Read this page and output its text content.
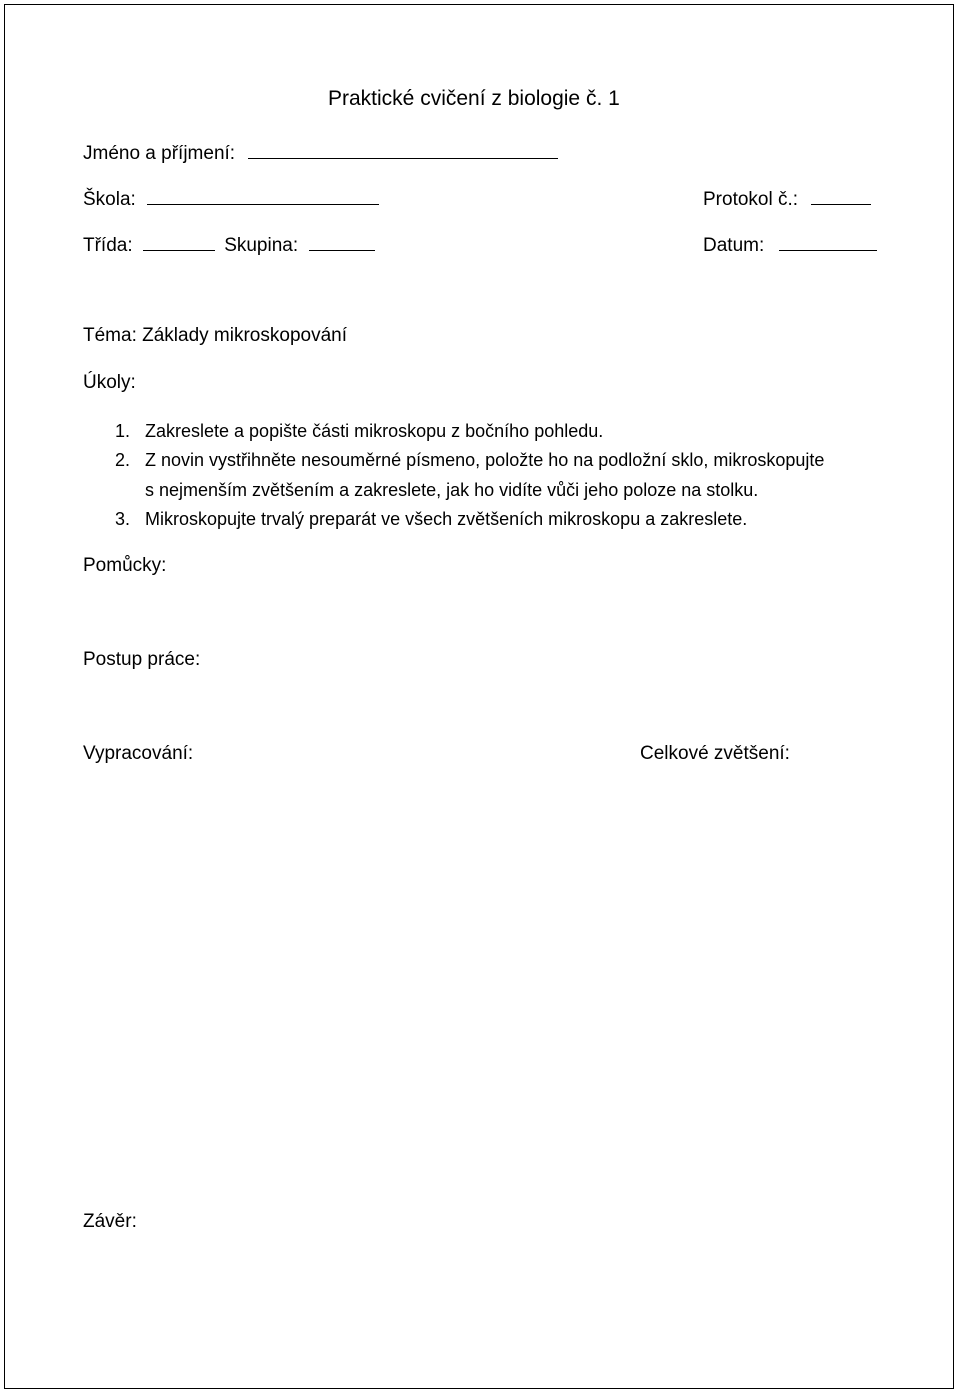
Praktické cvičení z biologie č. 1
Jméno a příjmení:
Škola:	Protokol č.:
Třída:	Skupina:	Datum:
Téma: Základy mikroskopování
Úkoly:
1. Zakreslete a popište části mikroskopu z bočního pohledu.
2. Z novin vystřihněte nesouměrné písmeno, položte ho na podložní sklo, mikroskopujte
s nejmenším zvětšením a zakreslete, jak ho vidíte vůči jeho poloze na stolku.
3. Mikroskopujte trvalý preparát ve všech zvětšeních mikroskopu a zakreslete.
Pomůcky:
Postup práce:
Vypracování:	Celkové zvětšení:
Závěr:
